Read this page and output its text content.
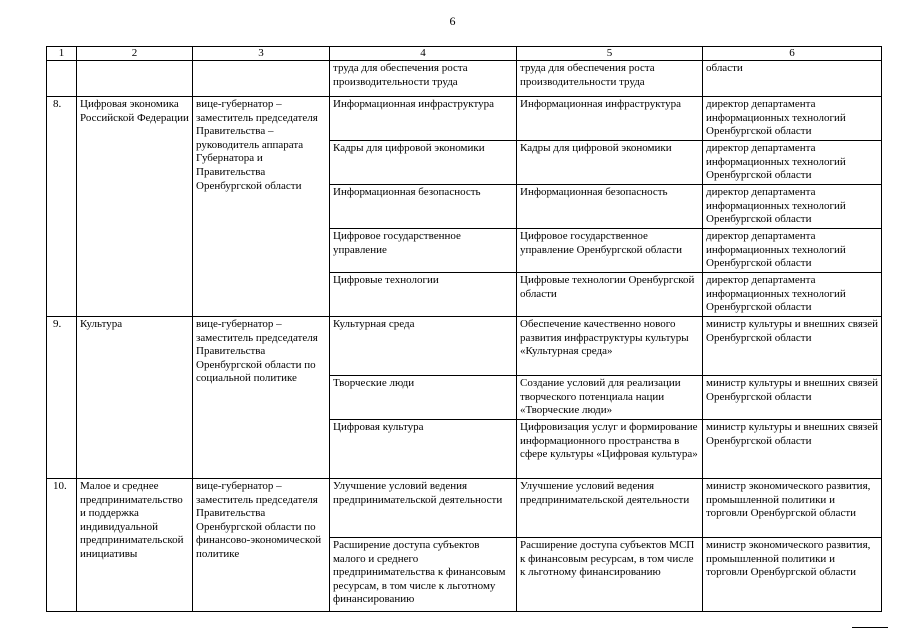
6
1	2	3	4	5	6
			труда для обеспечения роста производительности труда	труда для обеспечения роста производительности труда	области
8.	Цифровая экономика Российской Федерации	вице-губернатор – заместитель председателя Правительства – руководитель аппарата Губернатора и Правительства Оренбургской области	Информационная инфраструктура	Информационная инфраструктура	директор департамента информационных технологий Оренбургской области
			Кадры для цифровой экономики	Кадры для цифровой экономики	директор департамента информационных технологий Оренбургской области
			Информационная безопасность	Информационная безопасность	директор департамента информационных технологий Оренбургской области
			Цифровое государственное управление	Цифровое государственное управление Оренбургской области	директор департамента информационных технологий Оренбургской области
			Цифровые технологии	Цифровые технологии Оренбургской области	директор департамента информационных технологий Оренбургской области
9.	Культура	вице-губернатор – заместитель председателя Правительства Оренбургской области по социальной политике	Культурная среда	Обеспечение качественно нового развития инфраструктуры культуры «Культурная среда»	министр культуры и внешних связей Оренбургской области
			Творческие люди	Создание условий для реализации творческого потенциала нации «Творческие люди»	министр культуры и внешних связей Оренбургской области
			Цифровая культура	Цифровизация услуг и формирование информационного пространства в сфере культуры «Цифровая культура»	министр культуры и внешних связей Оренбургской области
10.	Малое и среднее предпринимательство и поддержка индивидуальной предпринимательской инициативы	вице-губернатор – заместитель председателя Правительства Оренбургской области по финансово-экономической политике	Улучшение условий ведения предпринимательской деятельности	Улучшение условий ведения предпринимательской деятельности	министр экономического развития, промышленной политики и торговли Оренбургской области
			Расширение доступа субъектов малого и среднего предпринимательства к финансовым ресурсам, в том числе к льготному финансированию	Расширение доступа субъектов МСП к финансовым ресурсам, в том числе к льготному финансированию	министр экономического развития, промышленной политики и торговли Оренбургской области
